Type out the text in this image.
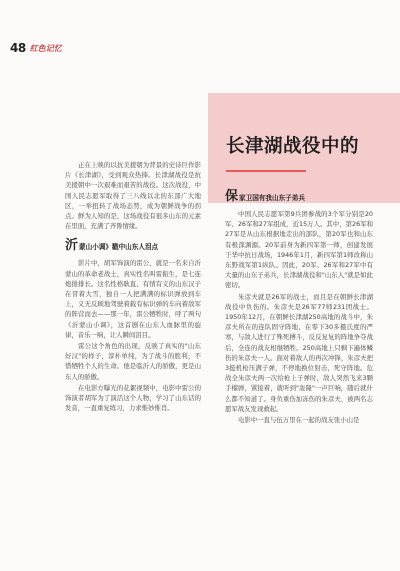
48 红色记忆
长津湖战役中的

正在上映的以抗美援朝为背景的史诗巨作影片《长津湖》，受到观众热捧。长津湖战役是抗美援朝中一次艰难而艰苦的战役。这次战役，中国人民志愿军取得了三八线以北的东部广大地区，一举扭转了战场态势，成为朝鲜战争的拐点。鲜为人知的是，这场战役有很多山东的元素在里面，充满了齐鲁情缘。

沂 蒙山小调》戳中山东人泪点

影片中，胡军饰演的雷公，就是一名来自沂蒙山的革命老战士，真实性名叫雷振生，是七连炮排排长。这名性格耿直、有情有义的山东汉子在冒着大雪，独自一人把满满的标识弹放到车上，义无反顾地驾驶着载有标识弹的车向着敌军的阵营而去——那一年，雷公牺牲时，呼了两句《沂蒙山小调》，这首剧在山东人血脉里的旋律，音乐一响，让人瞬间泪目。

雷公这个角色的出现，反映了真实的"山东好汉"的样子，淳朴单纯，为了战斗的胜利，不惜牺牲个人的生命。他是临沂人的骄傲，更是山东人的骄傲。

在电影方曝光的花絮视频中，电影中雷公的饰演者胡军为了演活这个人物，学习了山东话的发音，一直重复练习，力求惟妙惟肖。

保 家卫国有我山东子弟兵

中国人民志愿军第9兵团参战的3个军分别是20军、26军和27军组成，近15万人。其中，第26军和27军是从山东根据地走出的部队，第20军也和山东有极深渊源。20军前身为新四军第一师，创建发展于华中抗日战场，1946年1月，新四军第1师改称山东野战军第1纵队。因此，20军、26军和27军中有大量的山东子弟兵，长津湖战役和"山东人"就是如此密切。

朱彦夫就是26军的战士，而且是在朝鲜长津湖战役中负伤的。朱彦夫是26军77师231团战士。1950年12月，在朝鲜长津湖250高地的战斗中，朱彦夫所在的连队固守阵地，在零下30多摄氏度的严寒，与敌人进行了殊死搏斗，反反复复的阵地争夺战后，全连的战友相继牺牲。250高地上只剩下遍体鳞伤的朱彦夫一人。面对着敌人的再次冲锋，朱彦夫把3挺机枪压满子弹，不停地换位射击，死守阵地。危战全朱彦夫两一次给枪上子弹时，敌人突然飞来3颗手榴弹，紧接着，就听到"轰隆"一声巨响，随后就什么都不知道了。身负重伤加冻伤的朱彦夫，被两名志愿军战友发现救起。

电影中一直与伍万里在一起的战友张小山是
